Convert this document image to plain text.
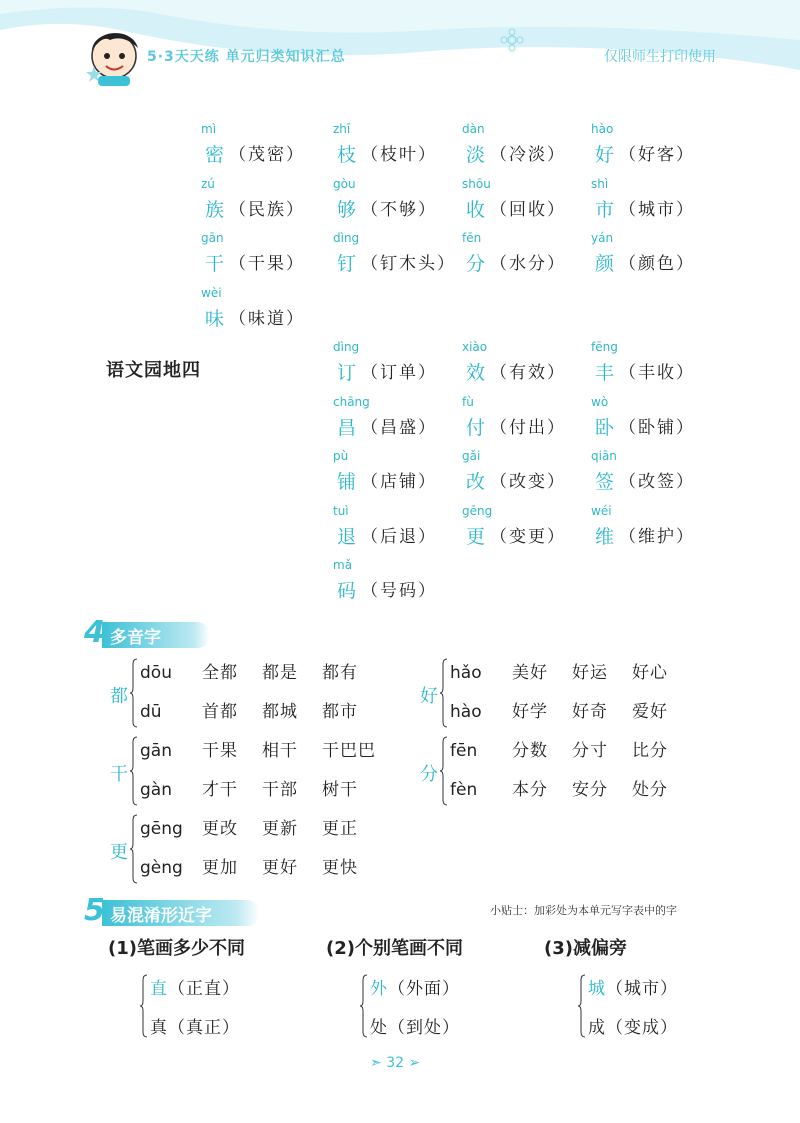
5·3天天练 单元归类知识汇总	仅限师生打印使用
语文园地四
4 多音字
5 易混淆形近字	小贴士：加彩处为本单元写字表中的字
➣ 32 ➢
mì
密 （茂密）
zhī
枝 （枝叶）
dàn
淡 （冷淡）
hào
好 （好客）
zú
族 （民族）
gòu
够 （不够）
shōu
收 （回收）
shì
市 （城市）
gān
干 （干果）
dìng
钉 （钉木头）
fēn
分 （水分）
yán
颜 （颜色）
wèi
味 （味道）
dìng
订 （订单）
xiào
效 （有效）
fēng
丰 （丰收）
chāng
昌 （昌盛）
fù
付 （付出）
wò
卧 （卧铺）
pù
铺 （店铺）
gǎi
改 （改变）
qiān
签 （改签）
tuì
退 （后退）
gēng
更 （变更）
wéi
维 （维护）
mǎ
码 （号码）
都
dōu 全都 都是 都有
dū 首都 都城 都市
好
hǎo 美好 好运 好心
hào 好学 好奇 爱好
干
gān 干果 相干 干巴巴
gàn 才干 干部 树干
分
fēn 分数 分寸 比分
fèn 本分 安分 处分
更
gēng 更改 更新 更正
gèng 更加 更好 更快
(1)笔画多少不同
直（正直）
真（真正）
(2)个别笔画不同
外（外面）
处（到处）
(3)减偏旁
城（城市）
成（变成）
